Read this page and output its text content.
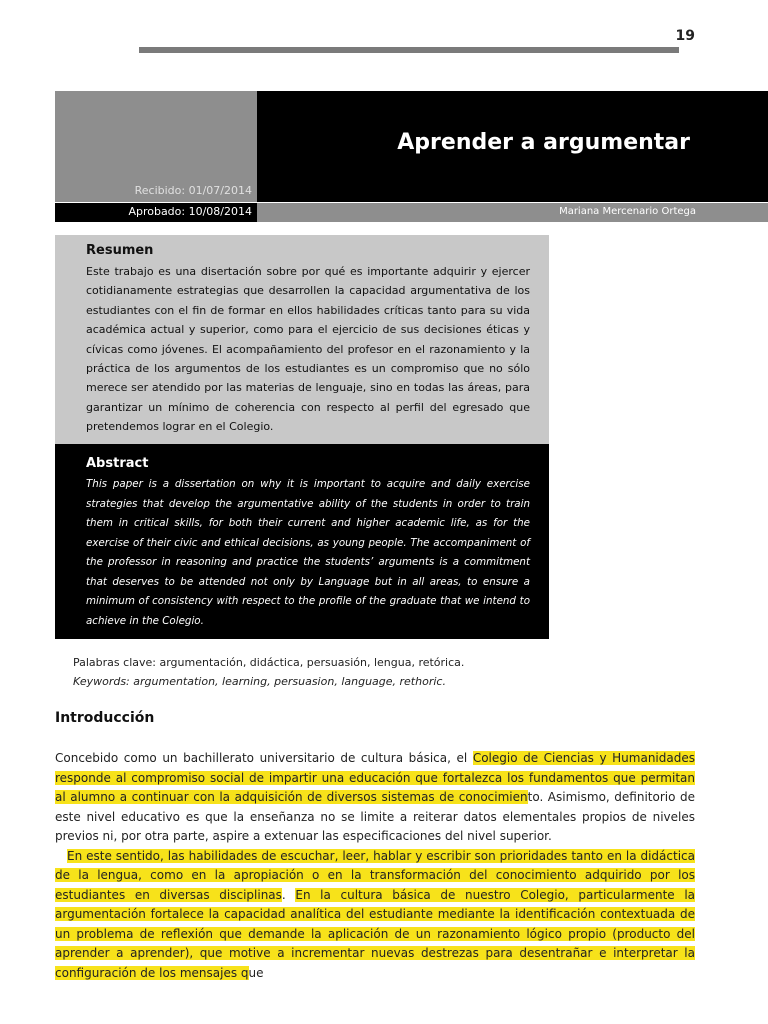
19
Aprender a argumentar
Recibido: 01/07/2014
Aprobado: 10/08/2014	Mariana Mercenario Ortega
Resumen
Este trabajo es una disertación sobre por qué es importante adquirir y ejercer cotidianamente estrategias que desarrollen la capacidad argumentativa de los estudiantes con el fin de formar en ellos habilidades críticas tanto para su vida académica actual y superior, como para el ejercicio de sus decisiones éticas y cívicas como jóvenes. El acompañamiento del profesor en el razonamiento y la práctica de los argumentos de los estudiantes es un compromiso que no sólo merece ser atendido por las materias de lenguaje, sino en todas las áreas, para garantizar un mínimo de coherencia con respecto al perfil del egresado que pretendemos lograr en el Colegio.
Abstract
This paper is a dissertation on why it is important to acquire and daily exercise strategies that develop the argumentative ability of the students in order to train them in critical skills, for both their current and higher academic life, as for the exercise of their civic and ethical decisions, as young people. The accompaniment of the professor in reasoning and practice the students’ arguments is a commitment that deserves to be attended not only by Language but in all areas, to ensure a minimum of consistency with respect to the profile of the graduate that we intend to achieve in the Colegio.
Palabras clave: argumentación, didáctica, persuasión, lengua, retórica.
Keywords: argumentation, learning, persuasion, language, rethoric.
Introducción

Concebido como un bachillerato universitario de cultura básica, el Colegio de Ciencias y Humanidades responde al compromiso social de impartir una educación que fortalezca los fundamentos que permitan al alumno a continuar con la adquisición de diversos sistemas de conocimiento. Asimismo, definitorio de este nivel educativo es que la enseñanza no se limite a reiterar datos elementales propios de niveles previos ni, por otra parte, aspire a extenuar las especificaciones del nivel superior.

En este sentido, las habilidades de escuchar, leer, hablar y escribir son prioridades tanto en la didáctica de la lengua, como en la apropiación o en la transformación del conocimiento adquirido por los estudiantes en diversas disciplinas. En la cultura básica de nuestro Colegio, particularmente la argumentación fortalece la capacidad analítica del estudiante mediante la identificación contextuada de un problema de reflexión que demande la aplicación de un razonamiento lógico propio (producto del aprender a aprender), que motive a incrementar nuevas destrezas para desentrañar e interpretar la configuración de los mensajes que
